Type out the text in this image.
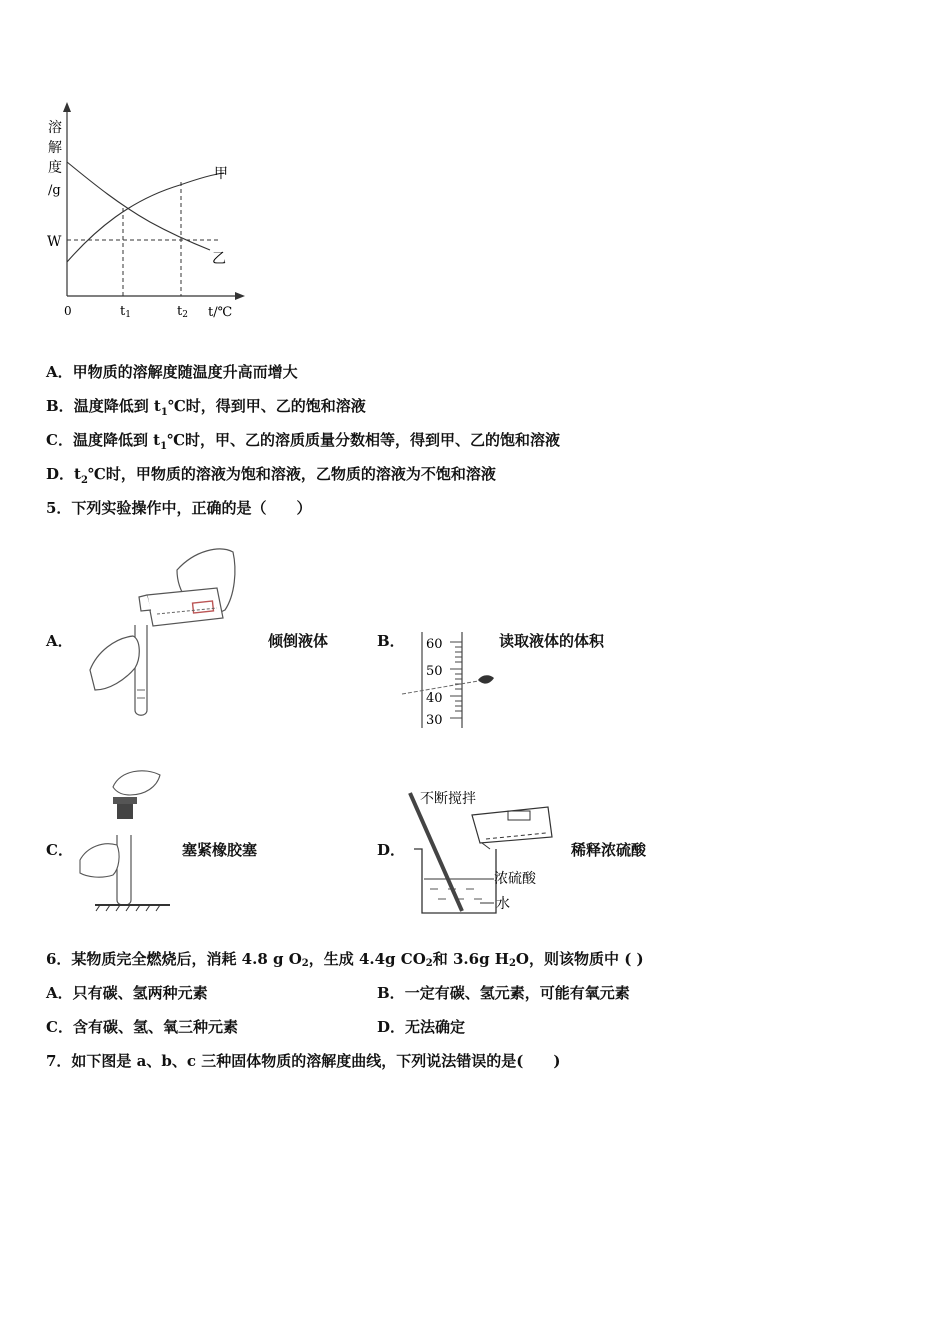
溶
解
度
/g
W
0	t1	t2 t/℃
甲
乙
A．甲物质的溶解度随温度升高而增大
B．温度降低到 $t_1℃$时，得到甲、乙的饱和溶液
C．温度降低到 $t_1℃$时，甲、乙的溶质质量分数相等，得到甲、乙的饱和溶液
D．$t_2℃$时，甲物质的溶液为饱和溶液，乙物质的溶液为不饱和溶液
5．下列实验操作中，正确的是（　　）
A．	倾倒液体	B． 60
50
40
30
读取液体的体积
C．	塞紧橡胶塞	D．
不断搅拌
浓硫酸
水
稀释浓硫酸
6．某物质完全燃烧后，消耗 4.8 g $O_2$，生成 4.4g $CO_2$和 3.6g $H_2O$，则该物质中 ( )
A．只有碳、氢两种元素	B．一定有碳、氢元素，可能有氧元素
C．含有碳、氢、氧三种元素	D．无法确定
7．如下图是 a、b、c 三种固体物质的溶解度曲线，下列说法错误的是(　　)
